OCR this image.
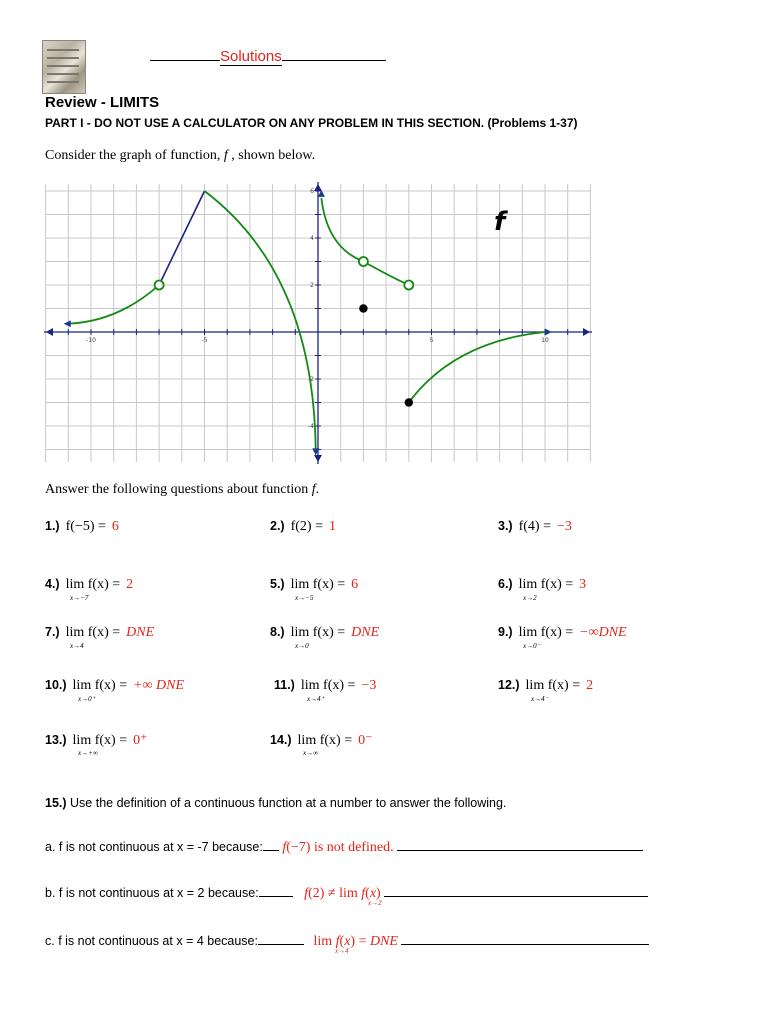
Solutions
Review - LIMITS
PART I - DO NOT USE A CALCULATOR ON ANY PROBLEM IN THIS SECTION. (Problems 1-37)
Consider the graph of function, f , shown below.
-10	-5	5	10
6
4
2
-2
-4
f
Answer the following questions about function f.
1.) f(−5) = 6	2.) f(2) = 1	3.) f(4) = −3
4.) lim f(x) = 2
x→−7
5.) lim f(x) = 6
x→−5
6.) lim f(x) = 3
x→2
7.) lim f(x) = DNE
x→4
8.) lim f(x) = DNE
x→0
9.) lim f(x) = −∞DNE
x→0⁻
10.) lim f(x) = +∞ DNE
x→0⁺
11.) lim f(x) = −3
x→4⁺
12.) lim f(x) = 2
x→4⁻
13.) lim f(x) = 0⁺
x→+∞
14.) lim f(x) = 0⁻
x→∞
15.) Use the definition of a continuous function at a number to answer the following.
a. f is not continuous at x = -7 because: f(−7) is not defined.
b. f is not continuous at x = 2 because:	f(2) ≠ lim f(x)
x→2
c. f is not continuous at x = 4 because:	lim f(x) = DNE
x→4
